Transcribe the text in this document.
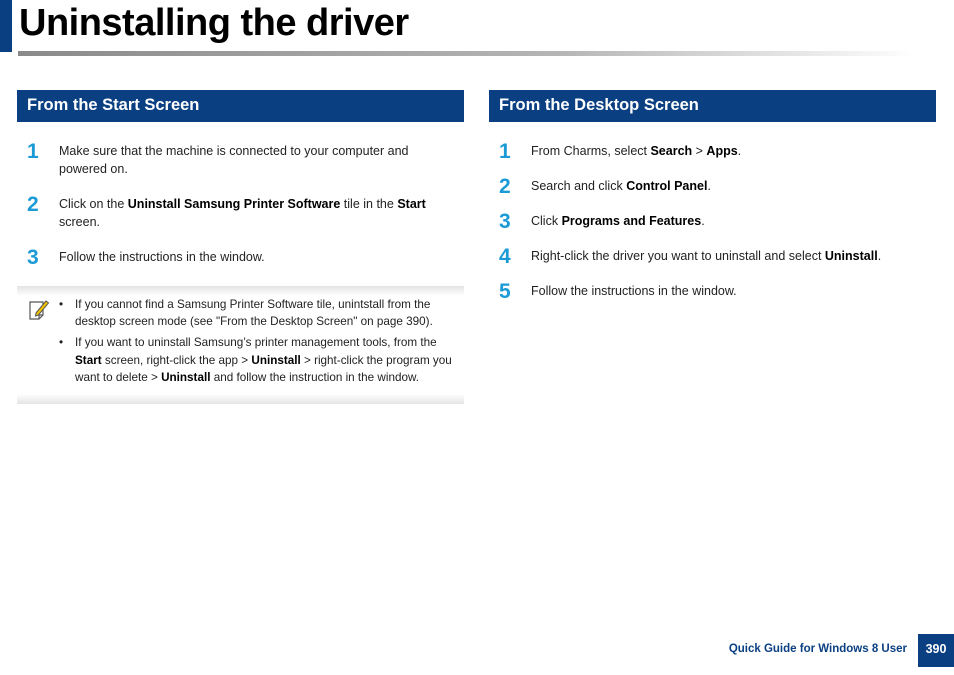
Uninstalling the driver
From the Start Screen
1 Make sure that the machine is connected to your computer and powered on.
2 Click on the Uninstall Samsung Printer Software tile in the Start screen.
3 Follow the instructions in the window.
• If you cannot find a Samsung Printer Software tile, unintstall from the desktop screen mode (see "From the Desktop Screen" on page 390).
• If you want to uninstall Samsung’s printer management tools, from the Start screen, right-click the app > Uninstall > right-click the program you want to delete > Uninstall and follow the instruction in the window.
From the Desktop Screen
1 From Charms, select Search > Apps.
2 Search and click Control Panel.
3 Click Programs and Features.
4 Right-click the driver you want to uninstall and select Uninstall.
5 Follow the instructions in the window.
Quick Guide for Windows 8 User	390
